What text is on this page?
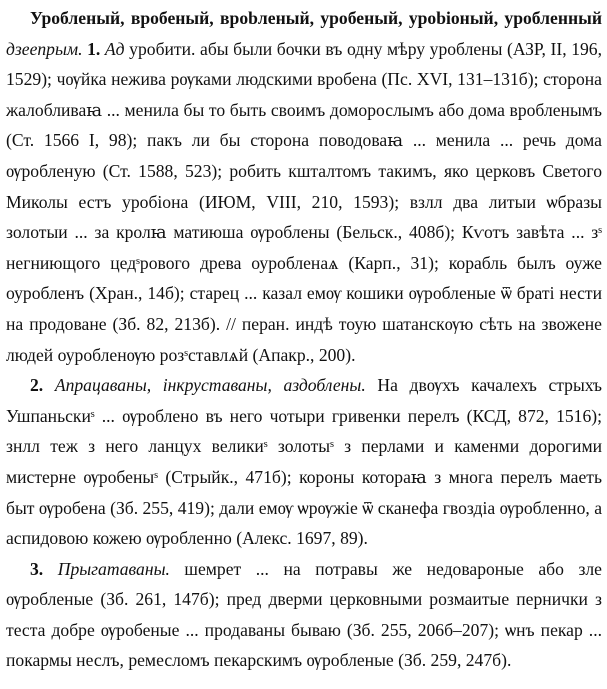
Уробленый, вробеный, врobленый, уробеный, урobioный, уроблeнный дзеепрым. 1. Ад уробити. абы были бочки въ одну мѣру уроблены (АЗР, II, 196, 1529); чѹйка неживa рѹками людскими вробена (Пс. XVI, 131–131б); сторона жалобливаꙗ ... менила бы то быть своимъ доморослымъ або дома врoбленымъ (Ст. 1566 I, 98); пакъ ли бы сторона поводоваꙗ ... менила ... речь дома ѹробленую (Ст. 1588, 523); робить кшталтомъ такимъ, яко церковъ Светого Миколы естъ уробiона (ИЮМ, VIII, 210, 1593); взлл два литыи ѡбразы золотыи ... за кролꙗ матиюша ѹроблены (Бельск., 408б); Кѵотъ завѣта ... зˢ негниющого цедˢрового древа оуробленаѧ (Карп., 31); корабль былъ оуже оуробленъ (Хран., 14б); старец ... казал емѹ кошики ѹробленые ѿ братi нести на продоване (Зб. 82, 213б). // перан. индѣ тоую шатанскѹю сѣть на звожене людей оуробленѹю розˢставлѧй (Апакр., 200).

2. Апрацаваны, інкруставаны, аздоблены. На двѹхъ качалехъ стрыхъ Ушпаньскиˢ ... ѹроблено въ него чотыри гривенки перелъ (КСД, 872, 1516); знлл теж з него ланцух великиˢ золотыˢ з перлами и каменми дорогими мистерне ѹробеныˢ (Стрыйк., 471б); короны котораꙗ з многа перелъ маеть быт ѹробена (Зб. 255, 419); дали емѹ ѡрѹжiе ѿ сканефа гвоздiа ѹробленно, а аспидовою кожею ѹробленно (Алекс. 1697, 89).

3. Прыгатаваны. шемрет ... на потравы же недовароные або зле ѹробленые (Зб. 261, 147б); пред дверми церковными розмаитые пернички з теста добре ѹробеные ... продаваны бываю (Зб. 255, 206б–207); ѡнъ пекар ... покармы неслъ, ремесломъ пекарскимъ ѹробленые (Зб. 259, 247б).
